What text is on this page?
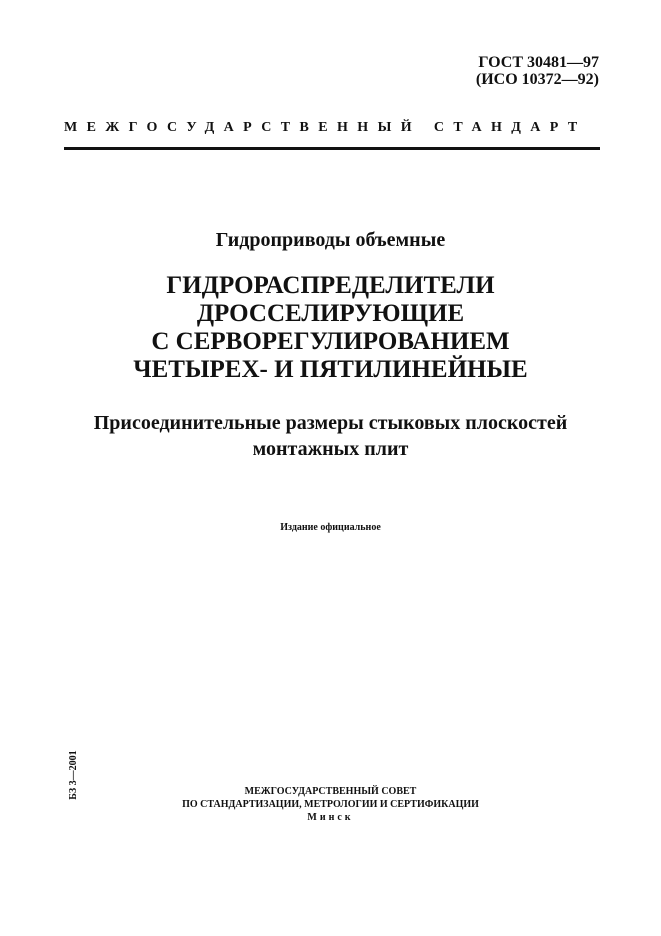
ГОСТ 30481—97
(ИСО 10372—92)
МЕЖГОСУДАРСТВЕННЫЙ СТАНДАРТ
Гидроприводы объемные
ГИДРОРАСПРЕДЕЛИТЕЛИ
ДРОССЕЛИРУЮЩИЕ
С СЕРВОРЕГУЛИРОВАНИЕМ
ЧЕТЫРЕХ- И ПЯТИЛИНЕЙНЫЕ
Присоединительные размеры стыковых плоскостей
монтажных плит
Издание официальное
БЗ 3—2001	МЕЖГОСУДАРСТВЕННЫЙ СОВЕТ
ПО СТАНДАРТИЗАЦИИ, МЕТРОЛОГИИ И СЕРТИФИКАЦИИ
Минск
